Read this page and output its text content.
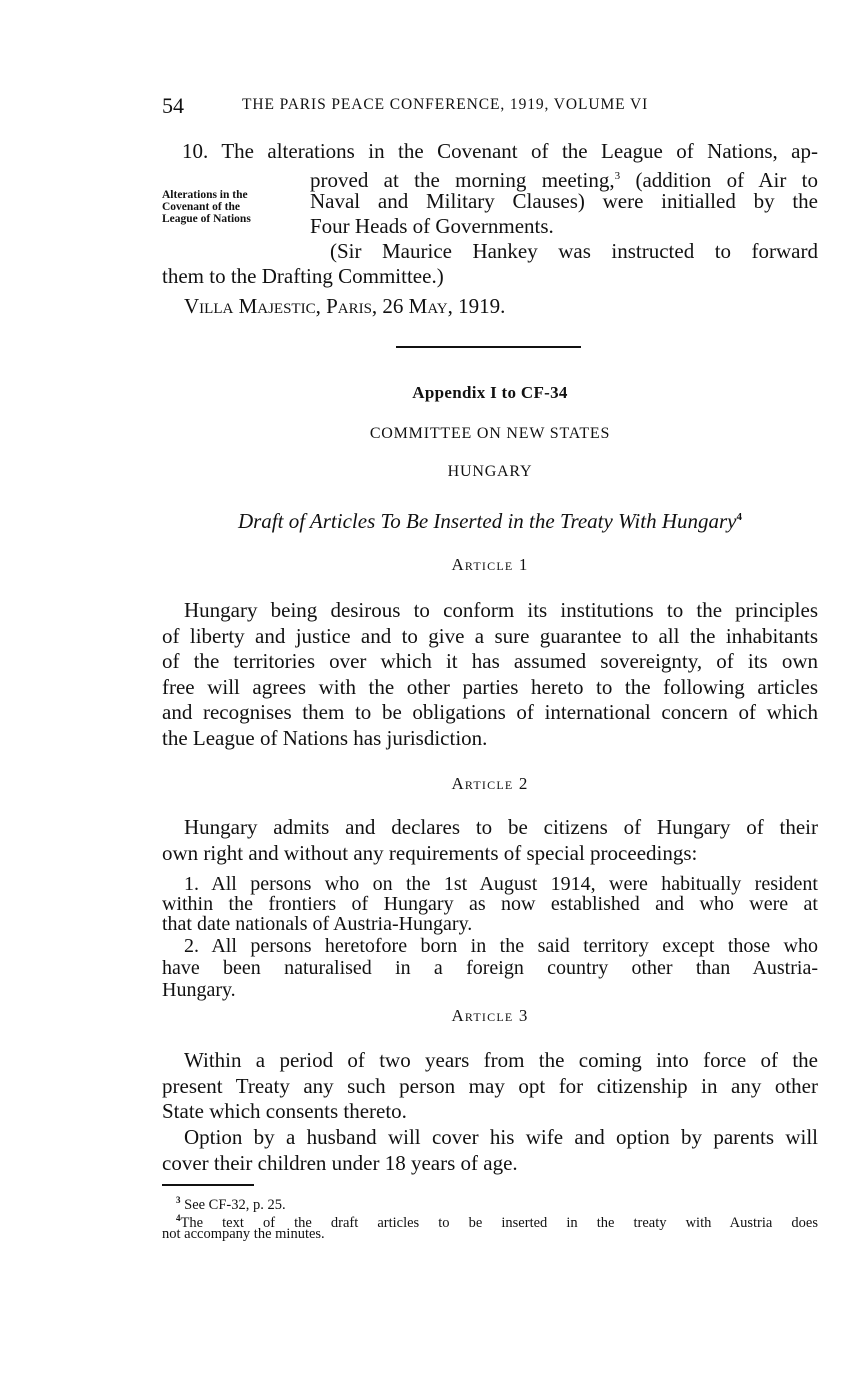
54	THE PARIS PEACE CONFERENCE, 1919, VOLUME VI

10. The alterations in the Covenant of the League of Nations, ap-

proved at the morning meeting,$^3$ (addition of Air to

Naval and Military Clauses) were initialled by the

Four Heads of Governments.

(Sir Maurice Hankey was instructed to forward

them to the Drafting Committee.)

Alterations in the
Covenant of the
League of Nations

Villa Majestic, Paris, 26 May, 1919.

Appendix I to CF-34
COMMITTEE ON NEW STATES
HUNGARY
Draft of Articles To Be Inserted in the Treaty With Hungary$^4$
Article 1

Hungary being desirous to conform its institutions to the principles

of liberty and justice and to give a sure guarantee to all the inhabitants

of the territories over which it has assumed sovereignty, of its own

free will agrees with the other parties hereto to the following articles

and recognises them to be obligations of international concern of which

the League of Nations has jurisdiction.

Article 2

Hungary admits and declares to be citizens of Hungary of their

own right and without any requirements of special proceedings:

1. All persons who on the 1st August 1914, were habitually resident

within the frontiers of Hungary as now established and who were at

that date nationals of Austria-Hungary.

2. All persons heretofore born in the said territory except those who

have been naturalised in a foreign country other than Austria-

Hungary.

Article 3

Within a period of two years from the coming into force of the

present Treaty any such person may opt for citizenship in any other

State which consents thereto.

Option by a husband will cover his wife and option by parents will

cover their children under 18 years of age.

$^3$ See CF-32, p. 25.

$^4$The text of the draft articles to be inserted in the treaty with Austria does

not accompany the minutes.
